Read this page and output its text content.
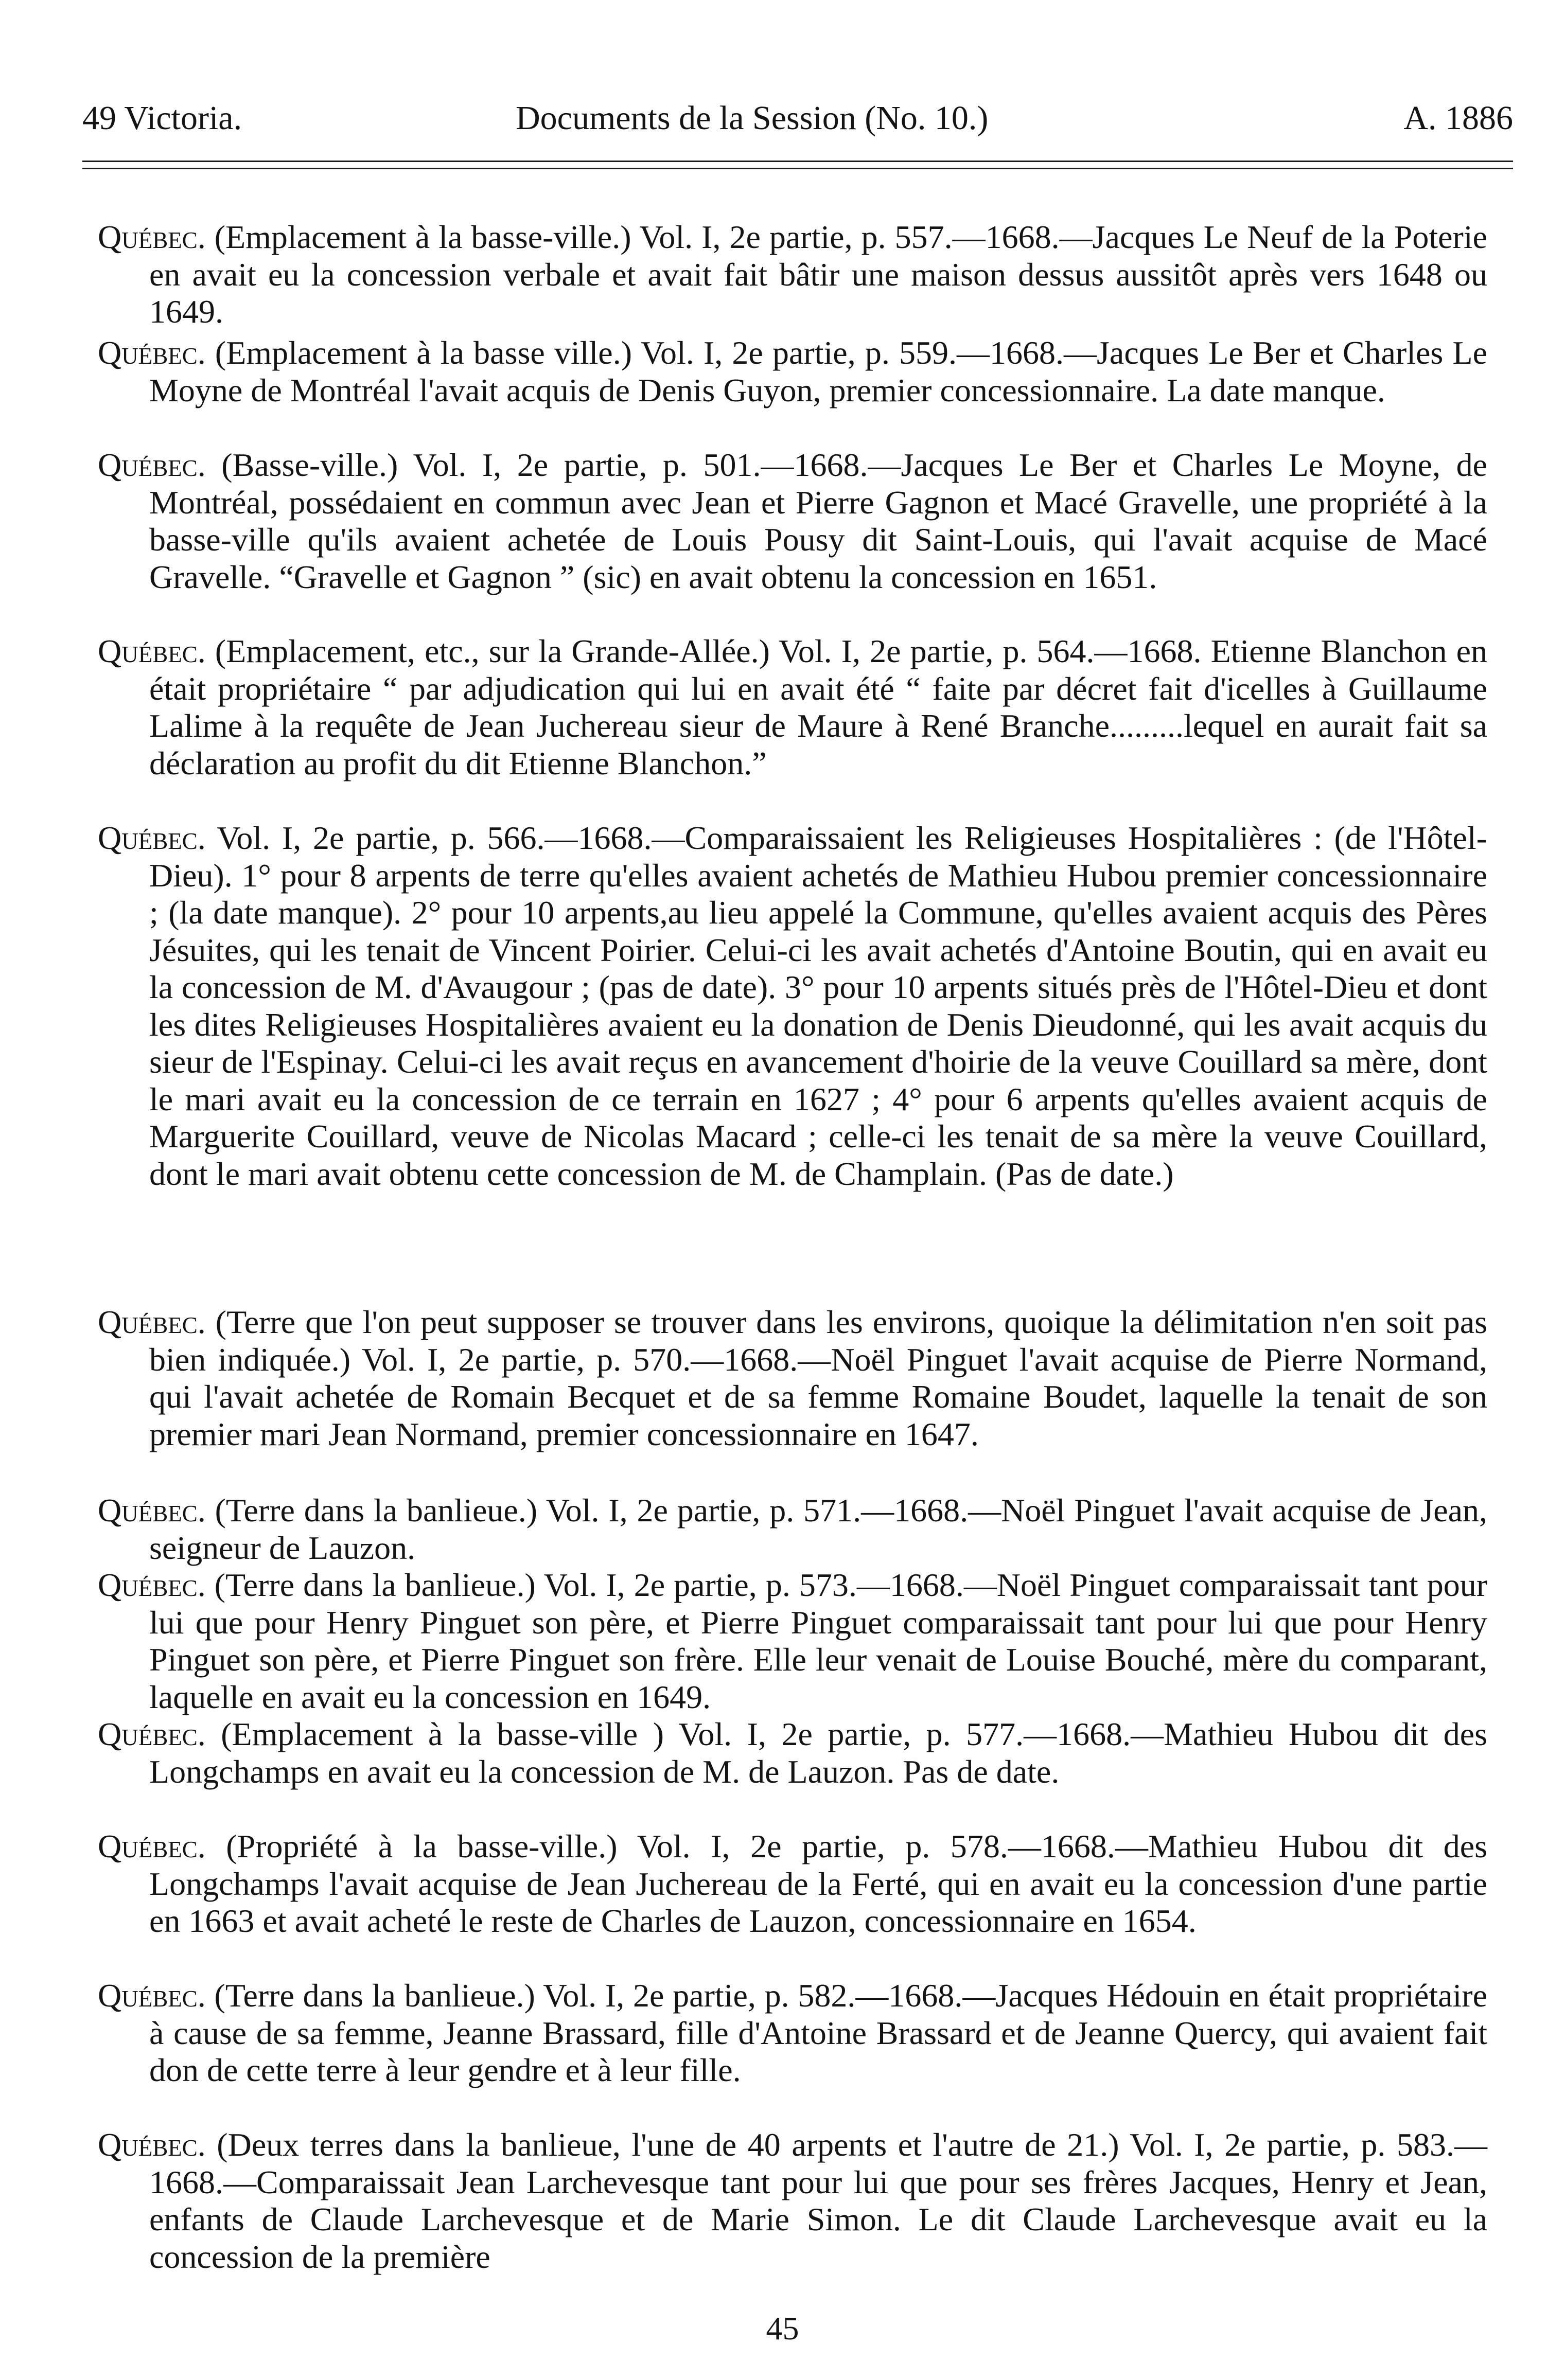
49 Victoria.	Documents de la Session (No. 10.)	A. 1886

Québec. (Emplacement à la basse-ville.) Vol. I, 2e partie, p. 557.—1668.—Jacques Le Neuf de la Poterie en avait eu la concession verbale et avait fait bâtir une maison dessus aussitôt après vers 1648 ou 1649.

Québec. (Emplacement à la basse ville.) Vol. I, 2e partie, p. 559.—1668.—Jacques Le Ber et Charles Le Moyne de Montréal l'avait acquis de Denis Guyon, premier concessionnaire. La date manque.

Québec. (Basse-ville.) Vol. I, 2e partie, p. 501.—1668.—Jacques Le Ber et Charles Le Moyne, de Montréal, possédaient en commun avec Jean et Pierre Gagnon et Macé Gravelle, une propriété à la basse-ville qu'ils avaient achetée de Louis Pousy dit Saint-Louis, qui l'avait acquise de Macé Gravelle. “Gravelle et Gagnon ” (sic) en avait obtenu la concession en 1651.

Québec. (Emplacement, etc., sur la Grande-Allée.) Vol. I, 2e partie, p. 564.—1668. Etienne Blanchon en était propriétaire “ par adjudication qui lui en avait été “ faite par décret fait d'icelles à Guillaume Lalime à la requête de Jean Juchereau sieur de Maure à René Branche.........lequel en aurait fait sa déclaration au profit du dit Etienne Blanchon.”

Québec. Vol. I, 2e partie, p. 566.—1668.—Comparaissaient les Religieuses Hospitalières : (de l'Hôtel-Dieu). 1° pour 8 arpents de terre qu'elles avaient achetés de Mathieu Hubou premier concessionnaire ; (la date manque). 2° pour 10 arpents,au lieu appelé la Commune, qu'elles avaient acquis des Pères Jésuites, qui les tenait de Vincent Poirier. Celui-ci les avait achetés d'Antoine Boutin, qui en avait eu la concession de M. d'Avaugour ; (pas de date). 3° pour 10 arpents situés près de l'Hôtel-Dieu et dont les dites Religieuses Hospitalières avaient eu la donation de Denis Dieudonné, qui les avait acquis du sieur de l'Espinay. Celui-ci les avait reçus en avancement d'hoirie de la veuve Couillard sa mère, dont le mari avait eu la concession de ce terrain en 1627 ; 4° pour 6 arpents qu'elles avaient acquis de Marguerite Couillard, veuve de Nicolas Macard ; celle-ci les tenait de sa mère la veuve Couillard, dont le mari avait obtenu cette concession de M. de Champlain. (Pas de date.)

Québec. (Terre que l'on peut supposer se trouver dans les environs, quoique la délimitation n'en soit pas bien indiquée.) Vol. I, 2e partie, p. 570.—1668.—Noël Pinguet l'avait acquise de Pierre Normand, qui l'avait achetée de Romain Becquet et de sa femme Romaine Boudet, laquelle la tenait de son premier mari Jean Normand, premier concessionnaire en 1647.

Québec. (Terre dans la banlieue.) Vol. I, 2e partie, p. 571.—1668.—Noël Pinguet l'avait acquise de Jean, seigneur de Lauzon.

Québec. (Terre dans la banlieue.) Vol. I, 2e partie, p. 573.—1668.—Noël Pinguet comparaissait tant pour lui que pour Henry Pinguet son père, et Pierre Pinguet comparaissait tant pour lui que pour Henry Pinguet son père, et Pierre Pinguet son frère. Elle leur venait de Louise Bouché, mère du comparant, laquelle en avait eu la concession en 1649.

Québec. (Emplacement à la basse-ville ) Vol. I, 2e partie, p. 577.—1668.—Mathieu Hubou dit des Longchamps en avait eu la concession de M. de Lauzon. Pas de date.

Québec. (Propriété à la basse-ville.) Vol. I, 2e partie, p. 578.—1668.—Mathieu Hubou dit des Longchamps l'avait acquise de Jean Juchereau de la Ferté, qui en avait eu la concession d'une partie en 1663 et avait acheté le reste de Charles de Lauzon, concessionnaire en 1654.

Québec. (Terre dans la banlieue.) Vol. I, 2e partie, p. 582.—1668.—Jacques Hédouin en était propriétaire à cause de sa femme, Jeanne Brassard, fille d'Antoine Brassard et de Jeanne Quercy, qui avaient fait don de cette terre à leur gendre et à leur fille.

Québec. (Deux terres dans la banlieue, l'une de 40 arpents et l'autre de 21.) Vol. I, 2e partie, p. 583.—1668.—Comparaissait Jean Larchevesque tant pour lui que pour ses frères Jacques, Henry et Jean, enfants de Claude Larchevesque et de Marie Simon. Le dit Claude Larchevesque avait eu la concession de la première

45
